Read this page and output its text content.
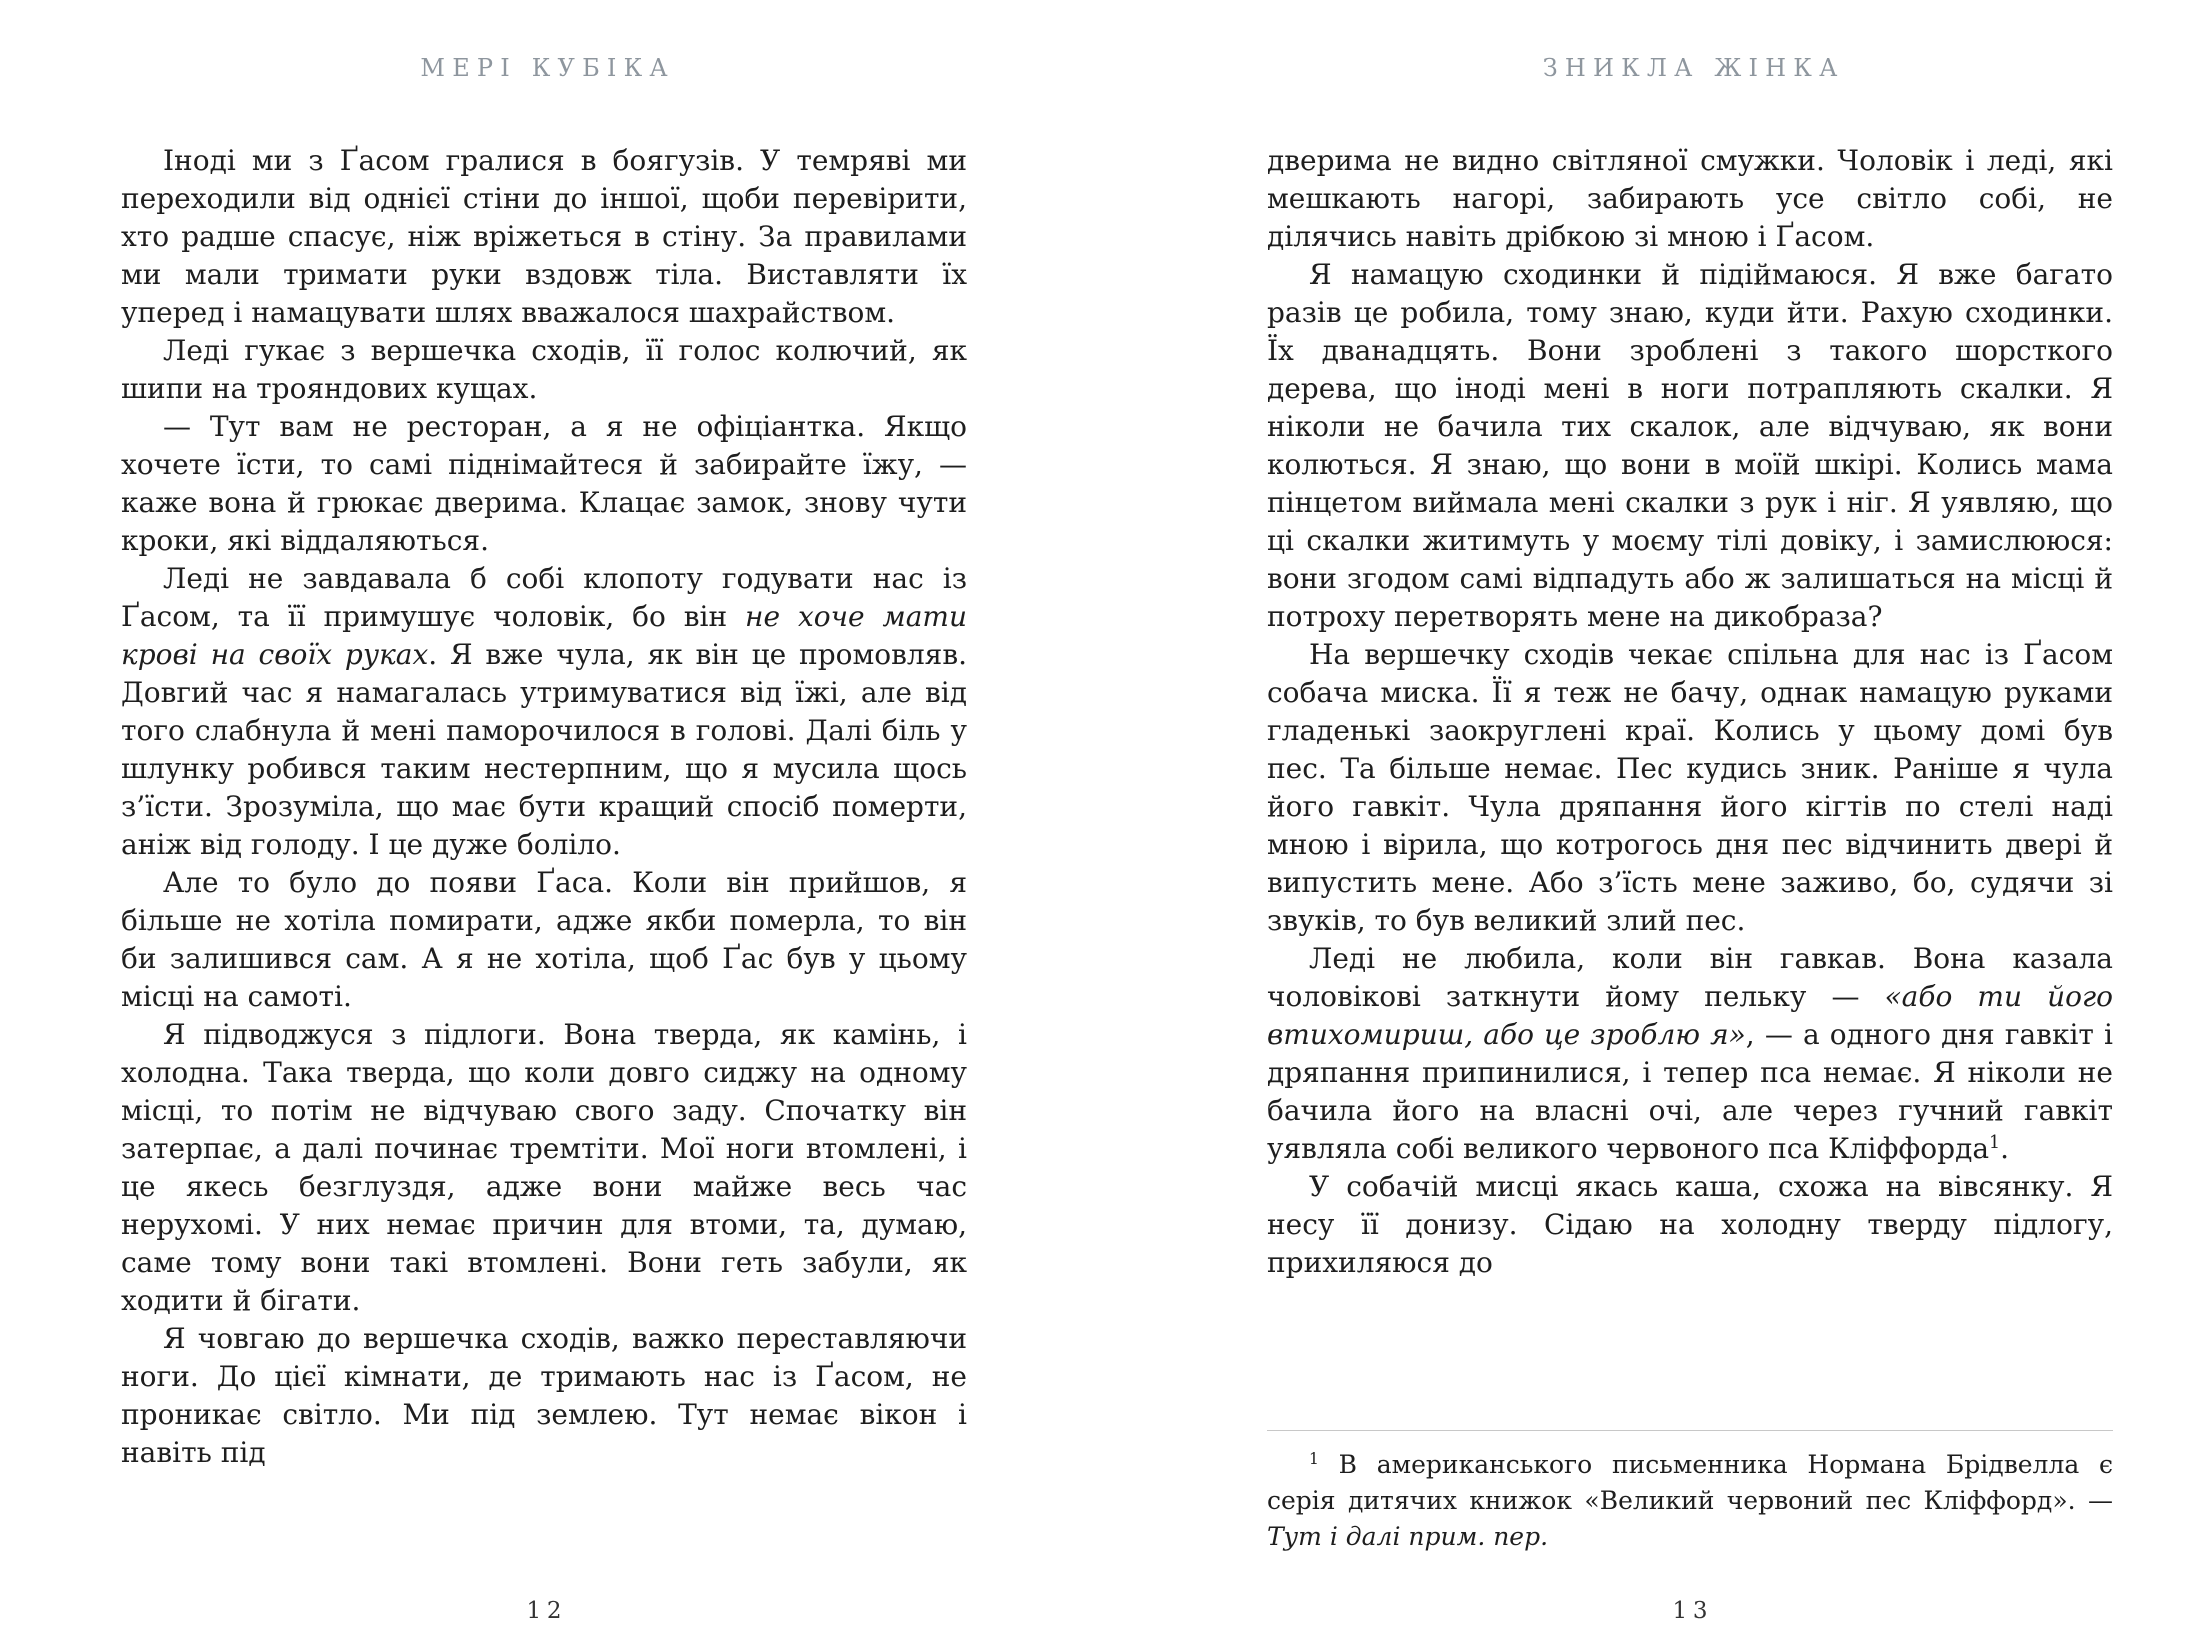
МЕРІ КУБІКА

Іноді ми з Ґасом гралися в боягузів. У темряві ми переходили від однієї стіни до іншої, щоби перевірити, хто радше спасує, ніж вріжеться в стіну. За правилами ми мали тримати руки вздовж тіла. Виставляти їх уперед і намацувати шлях вважалося шахрайством.

Леді гукає з вершечка сходів, її голос колючий, як шипи на трояндових кущах.

— Тут вам не ресторан, а я не офіціантка. Якщо хочете їсти, то самі піднімайтеся й забирайте їжу, — каже вона й грюкає дверима. Клацає замок, знову чути кроки, які віддаляються.

Леді не завдавала б собі клопоту годувати нас із Ґасом, та її примушує чоловік, бо він не хоче мати крові на своїх руках. Я вже чула, як він це промовляв. Довгий час я намагалась утримуватися від їжі, але від того слабнула й мені паморочилося в голові. Далі біль у шлунку робився таким нестерпним, що я мусила щось з’їсти. Зрозуміла, що має бути кращий спосіб померти, аніж від голоду. І це дуже боліло.

Але то було до появи Ґаса. Коли він прийшов, я більше не хотіла помирати, адже якби померла, то він би залишився сам. А я не хотіла, щоб Ґас був у цьому місці на самоті.

Я підводжуся з підлоги. Вона тверда, як камінь, і холодна. Така тверда, що коли довго сиджу на одному місці, то потім не відчуваю свого заду. Спочатку він затерпає, а далі починає тремтіти. Мої ноги втомлені, і це якесь безглуздя, адже вони майже весь час нерухомі. У них немає причин для втоми, та, думаю, саме тому вони такі втомлені. Вони геть забули, як ходити й бігати.

Я човгаю до вершечка сходів, важко переставляючи ноги. До цієї кімнати, де тримають нас із Ґасом, не проникає світло. Ми під землею. Тут немає вікон і навіть під

12
ЗНИКЛА ЖІНКА

дверима не видно світляної смужки. Чоловік і леді, які мешкають нагорі, забирають усе світло собі, не ділячись навіть дрібкою зі мною і Ґасом.

Я намацую сходинки й підіймаюся. Я вже багато разів це робила, тому знаю, куди йти. Рахую сходинки. Їх дванадцять. Вони зроблені з такого шорсткого дерева, що іноді мені в ноги потрапляють скалки. Я ніколи не бачила тих скалок, але відчуваю, як вони колються. Я знаю, що вони в моїй шкірі. Колись мама пінцетом виймала мені скалки з рук і ніг. Я уявляю, що ці скалки житимуть у моєму тілі довіку, і замислююся: вони згодом самі відпадуть або ж залишаться на місці й потроху перетворять мене на дикобраза?

На вершечку сходів чекає спільна для нас із Ґасом собача миска. Її я теж не бачу, однак намацую руками гладенькі заокруглені краї. Колись у цьому домі був пес. Та більше немає. Пес кудись зник. Раніше я чула його гавкіт. Чула дряпання його кігтів по стелі наді мною і вірила, що котрогось дня пес відчинить двері й випустить мене. Або з’їсть мене заживо, бо, судячи зі звуків, то був великий злий пес.

Леді не любила, коли він гавкав. Вона казала чоловікові заткнути йому пельку — «або ти його втихомириш, або це зроблю я», — а одного дня гавкіт і дряпання припинилися, і тепер пса немає. Я ніколи не бачила його на власні очі, але через гучний гавкіт уявляла собі великого червоного пса Кліффорда$^1$.

У собачій мисці якась каша, схожа на вівсянку. Я несу її донизу. Сідаю на холодну тверду підлогу, прихиляюся до

$^1$ В американського письменника Нормана Брідвелла є серія дитячих книжок «Великий червоний пес Кліффорд». — Тут і далі прим. пер.

13
